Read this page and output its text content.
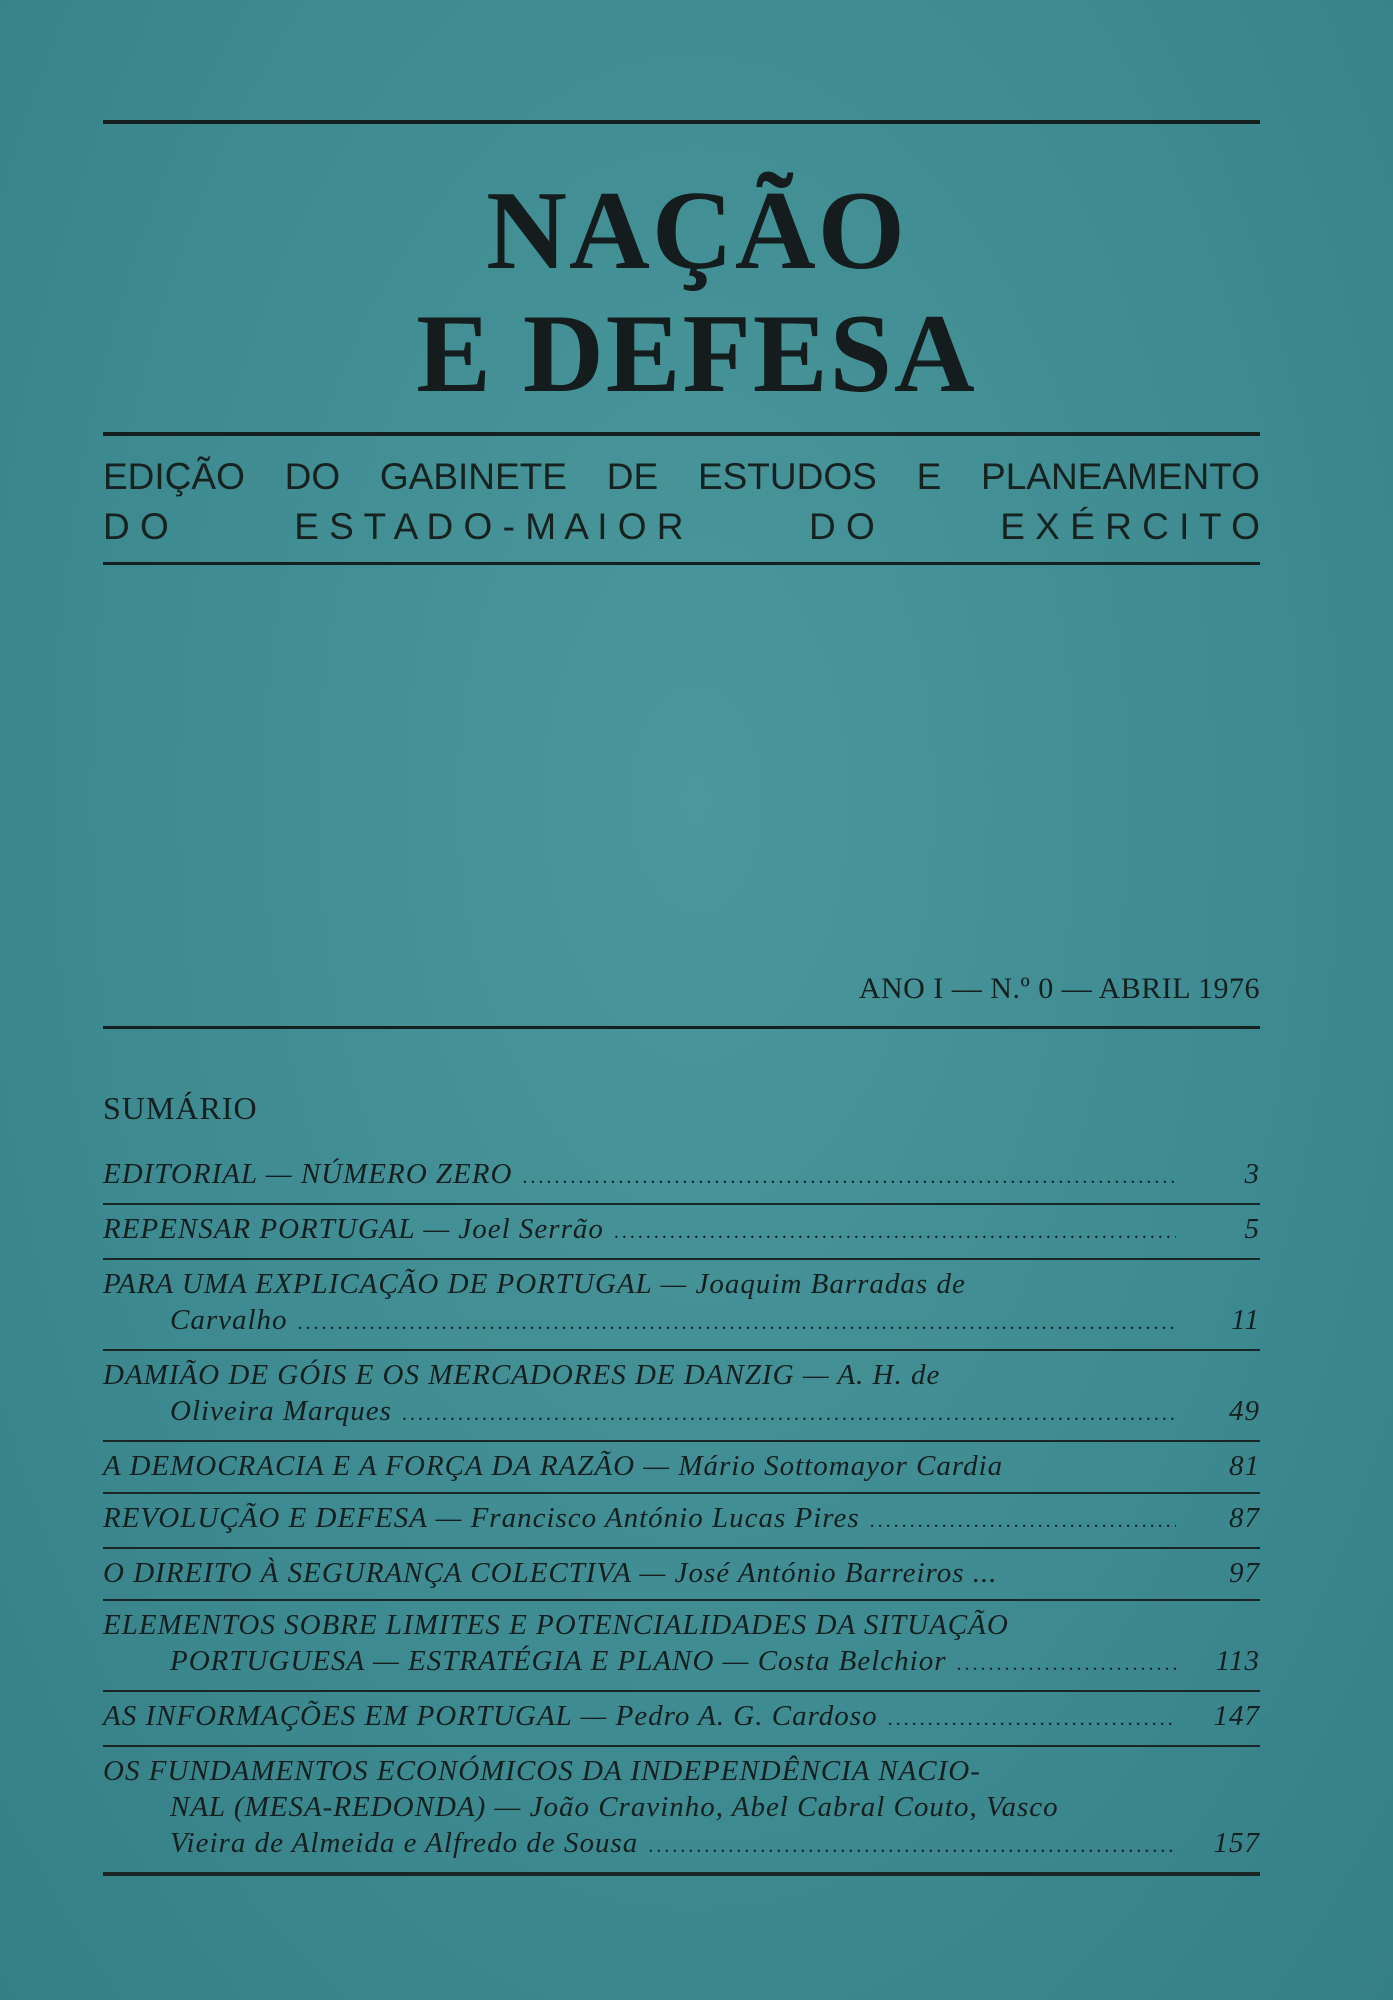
NAÇÃO
E DEFESA
EDIÇÃO DO GABINETE DE ESTUDOS E PLANEAMENTO
D O	E S T A D O - M A I O R	D O	E X É R C I T O
ANO I — N.º 0 — ABRIL 1976
SUMÁRIO
EDITORIAL — NÚMERO ZERO .....	3
REPENSAR PORTUGAL — Joel Serrão .....	5
PARA UMA EXPLICAÇÃO DE PORTUGAL — Joaquim Barradas de
Carvalho .....	11
DAMIÃO DE GÓIS E OS MERCADORES DE DANZIG — A. H. de
Oliveira Marques .....	49
A DEMOCRACIA E A FORÇA DA RAZÃO — Mário Sottomayor Cardia	81
REVOLUÇÃO E DEFESA — Francisco António Lucas Pires .....	87
O DIREITO À SEGURANÇA COLECTIVA — José António Barreiros ...	97
ELEMENTOS SOBRE LIMITES E POTENCIALIDADES DA SITUAÇÃO
PORTUGUESA — ESTRATÉGIA E PLANO — Costa Belchior .....	113
AS INFORMAÇÕES EM PORTUGAL — Pedro A. G. Cardoso .....	147
OS FUNDAMENTOS ECONÓMICOS DA INDEPENDÊNCIA NACIO-
NAL (MESA-REDONDA) — João Cravinho, Abel Cabral Couto, Vasco
Vieira de Almeida e Alfredo de Sousa .....	157
